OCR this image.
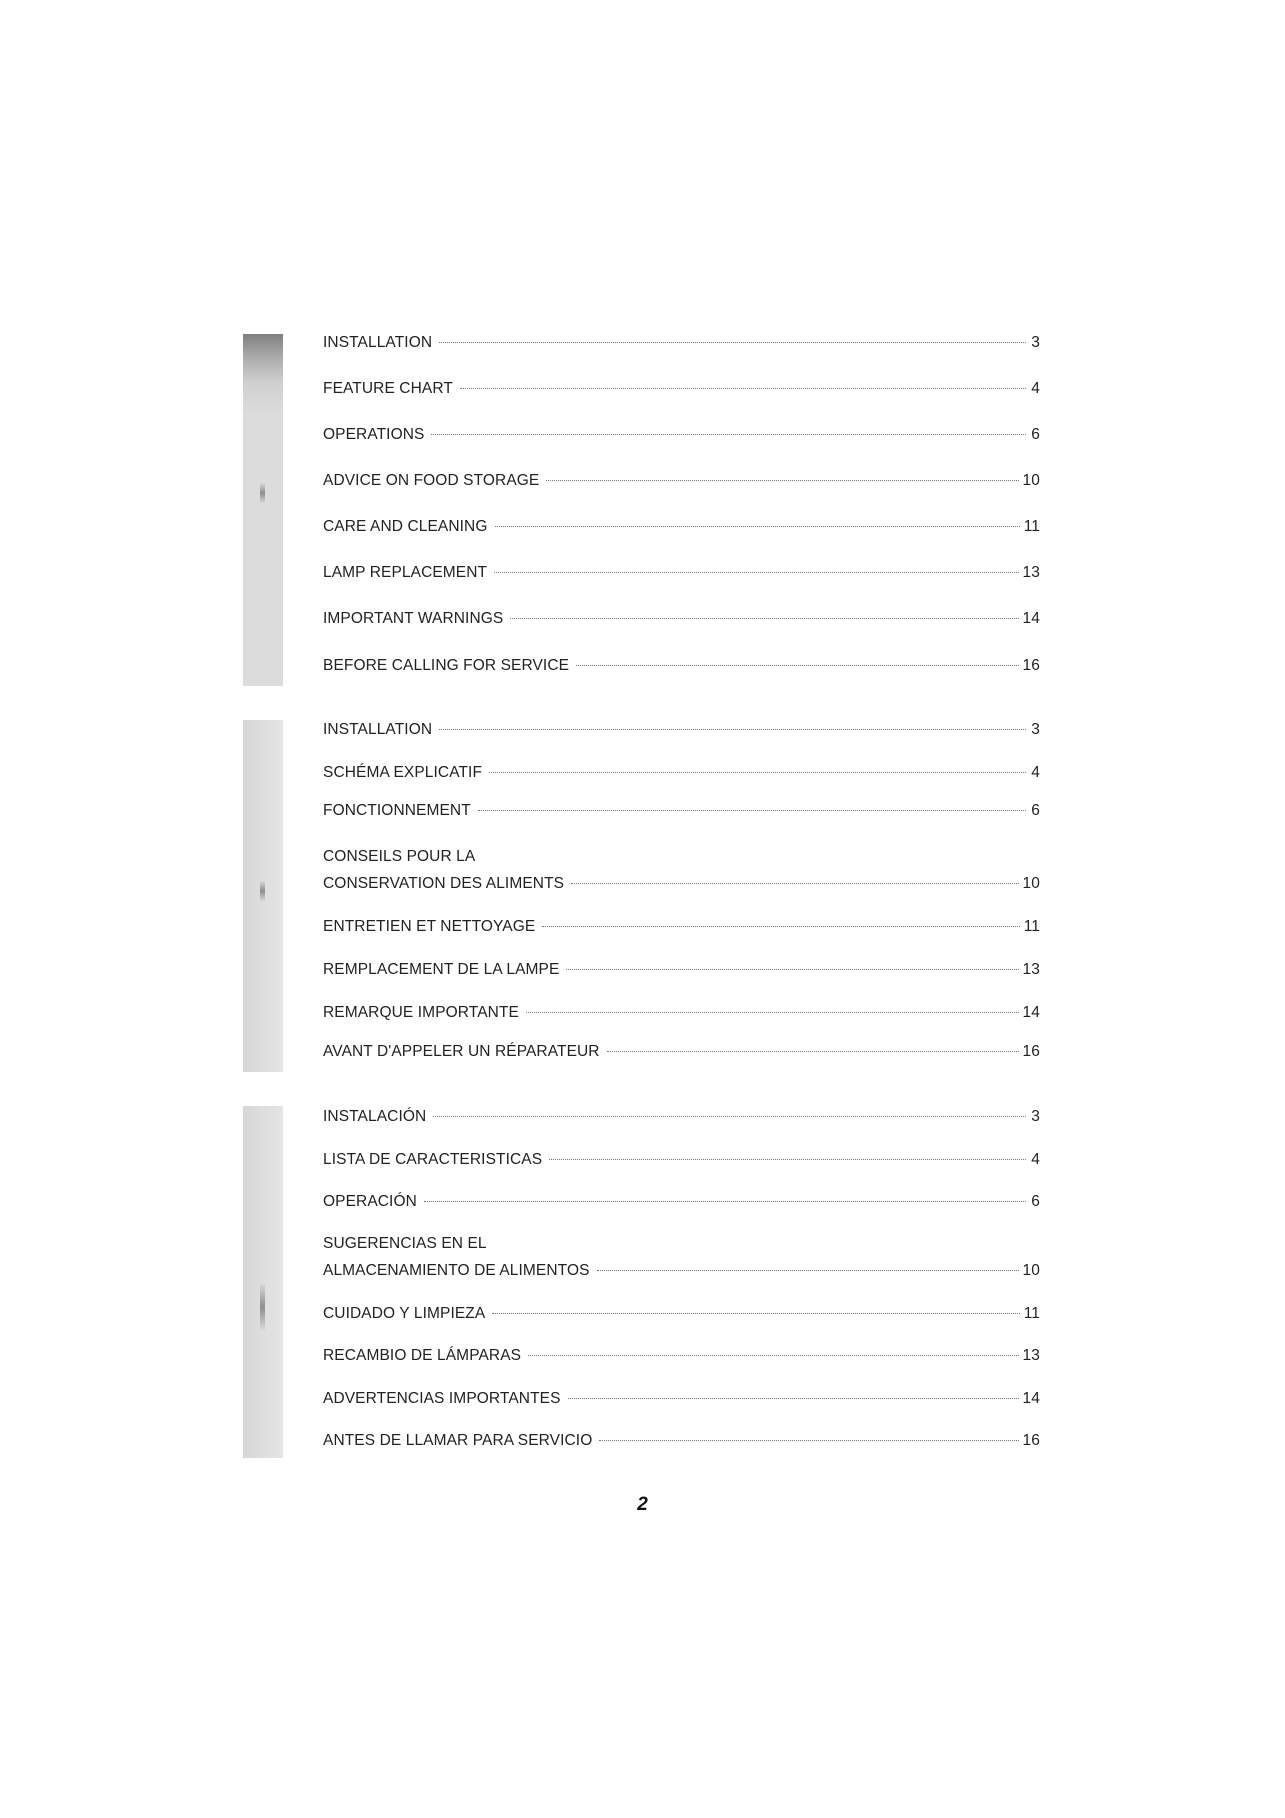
INSTALLATION	3
FEATURE CHART	4
OPERATIONS	6
ADVICE ON FOOD STORAGE	10
CARE AND CLEANING	11
LAMP REPLACEMENT	13
IMPORTANT WARNINGS	14
BEFORE CALLING FOR SERVICE	16
INSTALLATION	3
SCHÉMA EXPLICATIF	4
FONCTIONNEMENT	6
CONSEILS POUR LA
CONSERVATION DES ALIMENTS	10
ENTRETIEN ET NETTOYAGE	11
REMPLACEMENT DE LA LAMPE	13
REMARQUE IMPORTANTE	14
AVANT D'APPELER UN RÉPARATEUR	16
INSTALACIÓN	3
LISTA DE CARACTERISTICAS	4
OPERACIÓN	6
SUGERENCIAS EN EL
ALMACENAMIENTO DE ALIMENTOS	10
CUIDADO Y LIMPIEZA	11
RECAMBIO DE LÁMPARAS	13
ADVERTENCIAS IMPORTANTES	14
ANTES DE LLAMAR PARA SERVICIO	16
2
